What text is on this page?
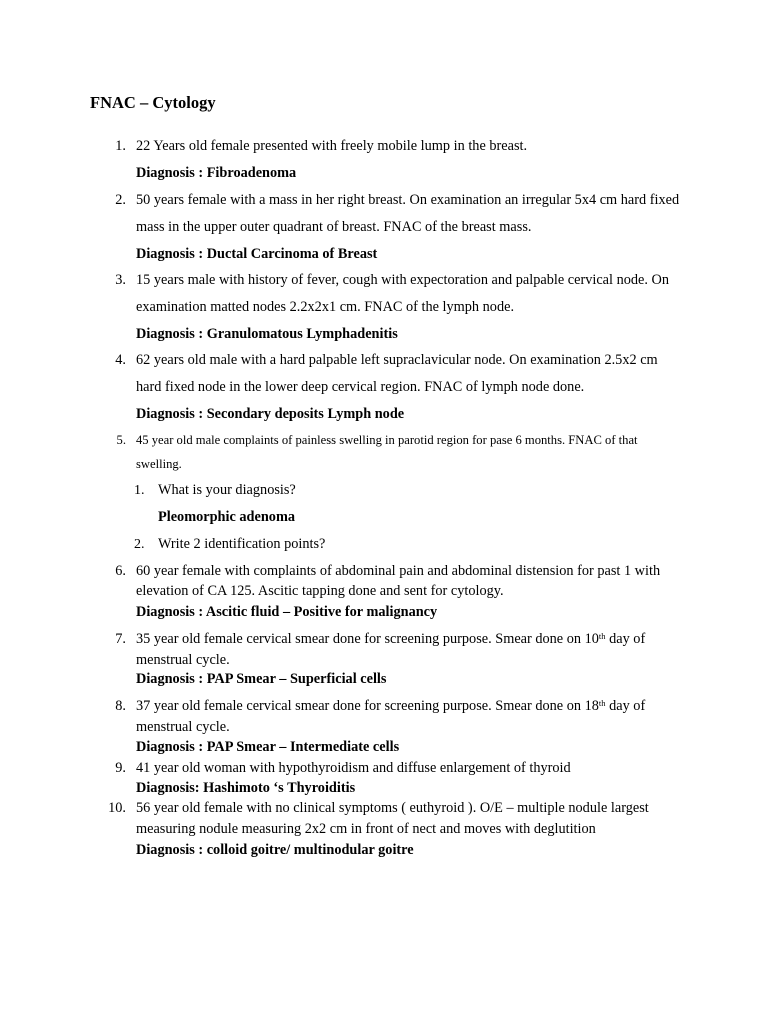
FNAC – Cytology
1. 22 Years old female presented with freely mobile lump in the breast.
Diagnosis : Fibroadenoma
2. 50 years female with a mass in her right breast. On examination an irregular 5x4 cm hard fixed
mass in the upper outer quadrant of breast. FNAC of the breast mass.
Diagnosis : Ductal Carcinoma of Breast
3. 15 years male with history of fever, cough with expectoration and palpable cervical node. On
examination matted nodes 2.2x2x1 cm. FNAC of the lymph node.
Diagnosis : Granulomatous Lymphadenitis
4. 62 years old male with a hard palpable left supraclavicular node. On examination 2.5x2 cm
hard fixed node in the lower deep cervical region. FNAC of lymph node done.
Diagnosis : Secondary deposits Lymph node
5. 45 year old male complaints of painless swelling in parotid region for pase 6 months. FNAC of that
swelling.
1. What is your diagnosis?
Pleomorphic adenoma
2. Write 2 identification points?
6. 60 year female with complaints of abdominal pain and abdominal distension for past 1 with
elevation of CA 125. Ascitic tapping done and sent for cytology.
Diagnosis : Ascitic fluid – Positive for malignancy
7. 35 year old female cervical smear done for screening purpose. Smear done on 10th day of
menstrual cycle.
Diagnosis : PAP Smear – Superficial cells
8. 37 year old female cervical smear done for screening purpose. Smear done on 18th day of
menstrual cycle.
Diagnosis : PAP Smear – Intermediate cells
9. 41 year old woman with hypothyroidism and diffuse enlargement of thyroid
Diagnosis: Hashimoto ‘s Thyroiditis
10. 56 year old female with no clinical symptoms ( euthyroid ). O/E – multiple nodule largest
measuring nodule measuring 2x2 cm in front of nect and moves with deglutition
Diagnosis : colloid goitre/ multinodular goitre
